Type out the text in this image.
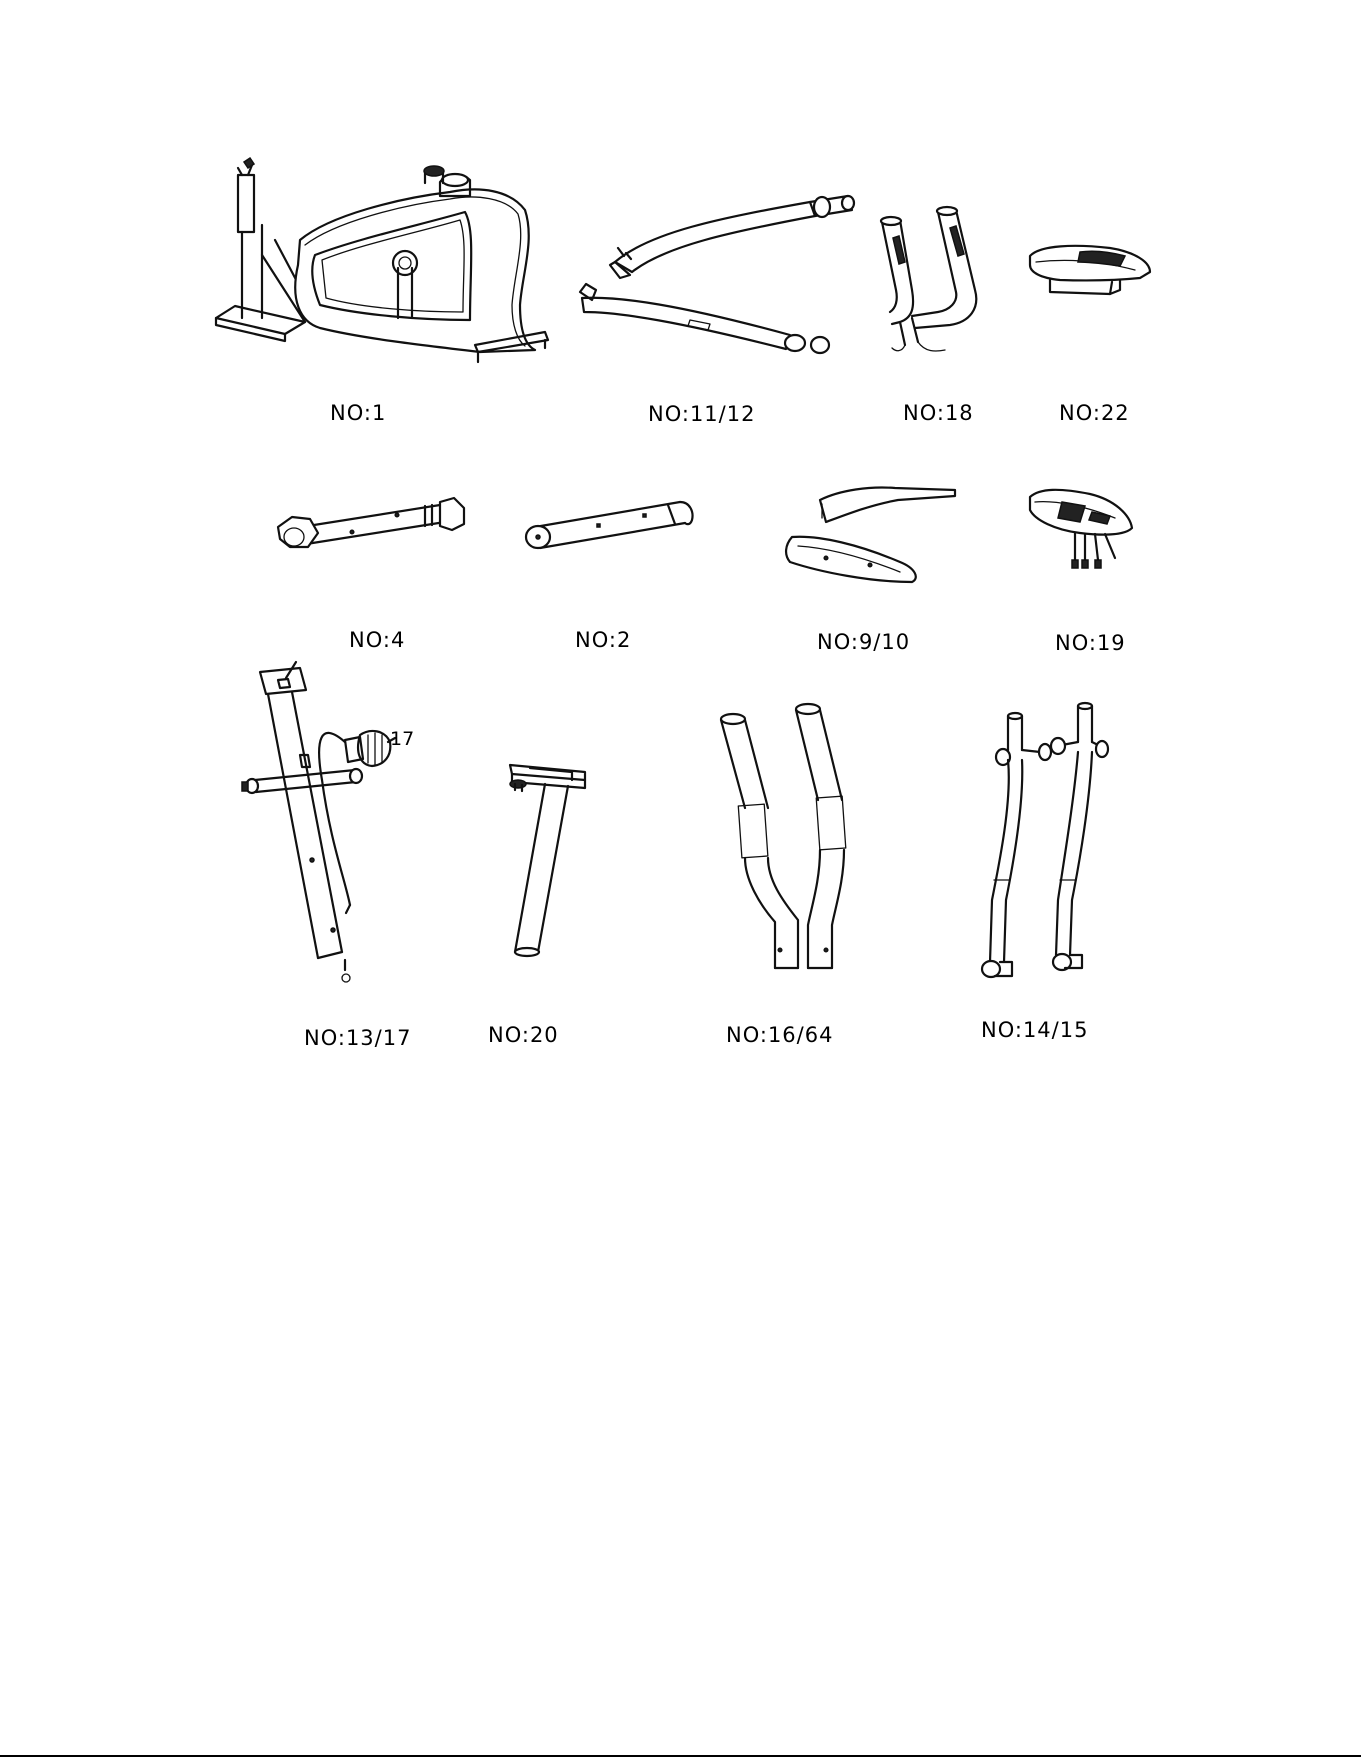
NO:1	NO:11/12	NO:18	NO:22
NO:4	NO:2	NO:9/10	NO:19
NO:13/17	NO:20	NO:16/64	NO:14/15
17
